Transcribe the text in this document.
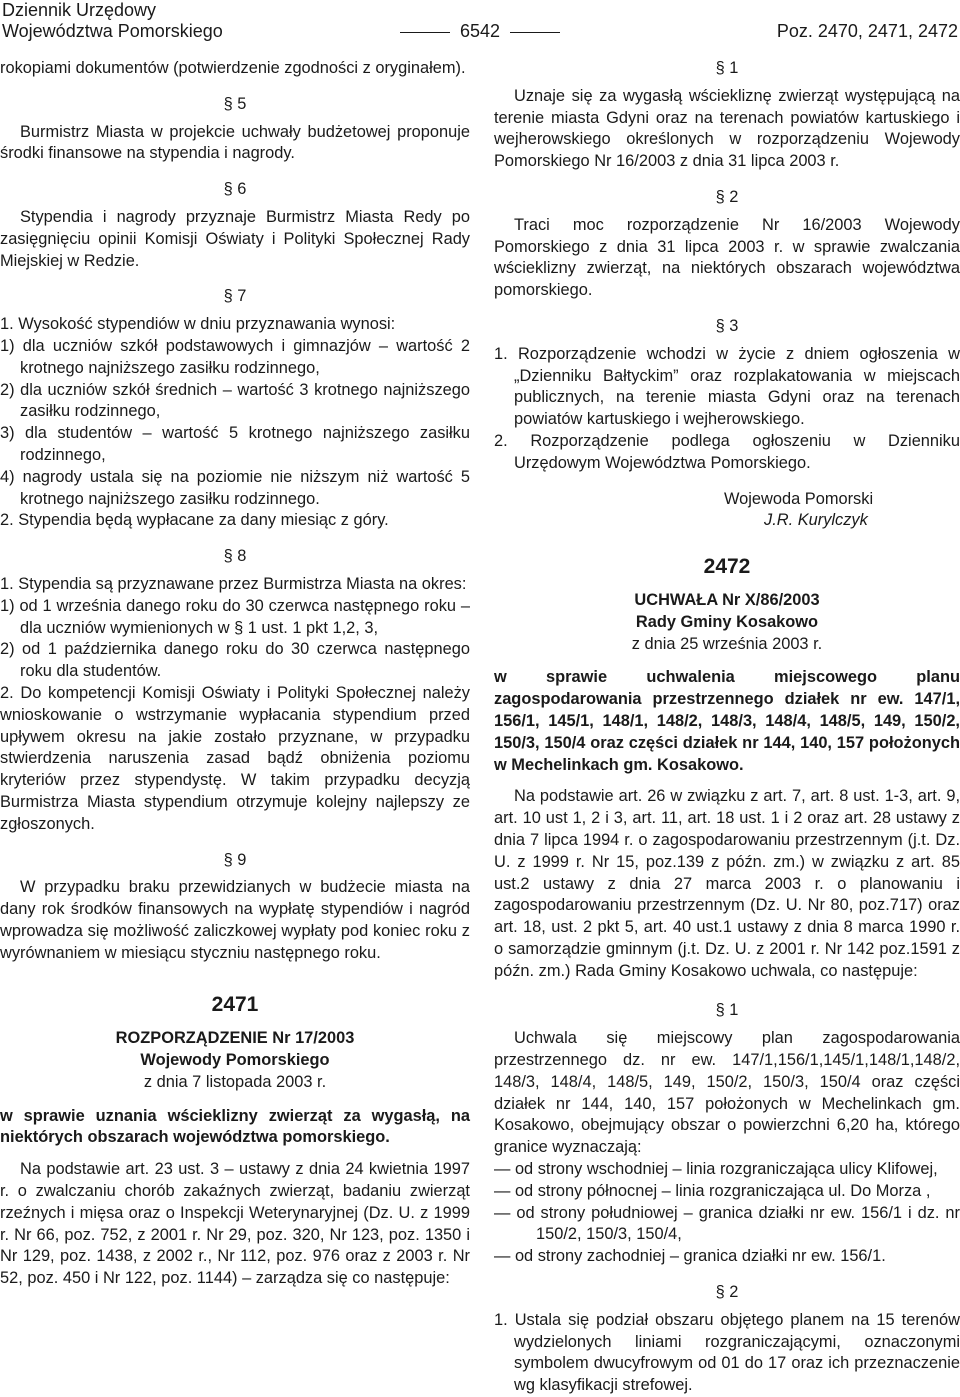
Dziennik Urzędowy
Województwa Pomorskiego	6542	Poz. 2470, 2471, 2472

rokopiami dokumentów (potwierdzenie zgodności z oryginałem).

§ 5

Burmistrz Miasta w projekcie uchwały budżetowej proponuje środki finansowe na stypendia i nagrody.

§ 6

Stypendia i nagrody przyznaje Burmistrz Miasta Redy po zasięgnięciu opinii Komisji Oświaty i Polityki Społecznej Rady Miejskiej w Redzie.

§ 7

1. Wysokość stypendiów w dniu przyznawania wynosi:

1) dla uczniów szkół podstawowych i gimnazjów – wartość 2 krotnego najniższego zasiłku rodzinnego,

2) dla uczniów szkół średnich – wartość 3 krotnego najniższego zasiłku rodzinnego,

3) dla studentów – wartość 5 krotnego najniższego zasiłku rodzinnego,

4) nagrody ustala się na poziomie nie niższym niż wartość 5 krotnego najniższego zasiłku rodzinnego.

2. Stypendia będą wypłacane za dany miesiąc z góry.

§ 8

1. Stypendia są przyznawane przez Burmistrza Miasta na okres:

1) od 1 września danego roku do 30 czerwca następnego roku – dla uczniów wymienionych w § 1 ust. 1 pkt 1,2, 3,

2) od 1 października danego roku do 30 czerwca następnego roku dla studentów.

2. Do kompetencji Komisji Oświaty i Polityki Społecznej należy wnioskowanie o wstrzymanie wypłacania stypendium przed upływem okresu na jakie zostało przyznane, w przypadku stwierdzenia naruszenia zasad bądź obniżenia poziomu kryteriów przez stypendystę. W takim przypadku decyzją Burmistrza Miasta stypendium otrzymuje kolejny najlepszy ze zgłoszonych.

§ 9

W przypadku braku przewidzianych w budżecie miasta na dany rok środków finansowych na wypłatę stypendiów i nagród wprowadza się możliwość zaliczkowej wypłaty pod koniec roku z wyrównaniem w miesiącu styczniu następnego roku.

2471

ROZPORZĄDZENIE Nr 17/2003

Wojewody Pomorskiego

z dnia 7 listopada 2003 r.

w sprawie uznania wścieklizny zwierząt za wygasłą, na niektórych obszarach województwa pomorskiego.

Na podstawie art. 23 ust. 3 – ustawy z dnia 24 kwietnia 1997 r. o zwalczaniu chorób zakaźnych zwierząt, badaniu zwierząt rzeźnych i mięsa oraz o Inspekcji Weterynaryjnej (Dz. U. z 1999 r. Nr 66, poz. 752, z 2001 r. Nr 29, poz. 320, Nr 123, poz. 1350 i Nr 129, poz. 1438, z 2002 r., Nr 112, poz. 976 oraz z 2003 r. Nr 52, poz. 450 i Nr 122, poz. 1144) – zarządza się co następuje:

§ 1

Uznaje się za wygasłą wściekliznę zwierząt występującą na terenie miasta Gdyni oraz na terenach powiatów kartuskiego i wejherowskiego określonych w rozporządzeniu Wojewody Pomorskiego Nr 16/2003 z dnia 31 lipca 2003 r.

§ 2

Traci moc rozporządzenie Nr 16/2003 Wojewody Pomorskiego z dnia 31 lipca 2003 r. w sprawie zwalczania wścieklizny zwierząt, na niektórych obszarach województwa pomorskiego.

§ 3

1. Rozporządzenie wchodzi w życie z dniem ogłoszenia w „Dzienniku Bałtyckim” oraz rozplakatowania w miejscach publicznych, na terenie miasta Gdyni oraz na terenach powiatów kartuskiego i wejherowskiego.

2. Rozporządzenie podlega ogłoszeniu w Dzienniku Urzędowym Województwa Pomorskiego.

Wojewoda Pomorski

J.R. Kurylczyk

2472

UCHWAŁA Nr X/86/2003

Rady Gminy Kosakowo

z dnia 25 września 2003 r.

w sprawie uchwalenia miejscowego planu zagospodarowania przestrzennego działek nr ew. 147/1, 156/1, 145/1, 148/1, 148/2, 148/3, 148/4, 148/5, 149, 150/2, 150/3, 150/4 oraz części działek nr 144, 140, 157 położonych w Mechelinkach gm. Kosakowo.

Na podstawie art. 26 w związku z art. 7, art. 8 ust. 1-3, art. 9, art. 10 ust 1, 2 i 3, art. 11, art. 18 ust. 1 i 2 oraz art. 28 ustawy z dnia 7 lipca 1994 r. o zagospodarowaniu przestrzennym (j.t. Dz. U. z 1999 r. Nr 15, poz.139 z późn. zm.) w związku z art. 85 ust.2 ustawy z dnia 27 marca 2003 r. o planowaniu i zagospodarowaniu przestrzennym (Dz. U. Nr 80, poz.717) oraz art. 18, ust. 2 pkt 5, art. 40 ust.1 ustawy z dnia 8 marca 1990 r. o samorządzie gminnym (j.t. Dz. U. z 2001 r. Nr 142 poz.1591 z późn. zm.) Rada Gminy Kosakowo uchwala, co następuje:

§ 1

Uchwala się miejscowy plan zagospodarowania przestrzennego dz. nr ew. 147/1,156/1,145/1,148/1,148/2, 148/3, 148/4, 148/5, 149, 150/2, 150/3, 150/4 oraz części działek nr 144, 140, 157 położonych w Mechelinkach gm. Kosakowo, obejmujący obszar o powierzchni 6,20 ha, którego granice wyznaczają:

— od strony wschodniej – linia rozgraniczająca ulicy Klifowej,

— od strony północnej – linia rozgraniczająca ul. Do Morza ,

— od strony południowej – granica działki nr ew. 156/1 i dz. nr 150/2, 150/3, 150/4,

— od strony zachodniej – granica działki nr ew. 156/1.

§ 2

1. Ustala się podział obszaru objętego planem na 15 terenów wydzielonych liniami rozgraniczającymi, oznaczonymi symbolem dwucyfrowym od 01 do 17 oraz ich przeznaczenie wg klasyfikacji strefowej.
